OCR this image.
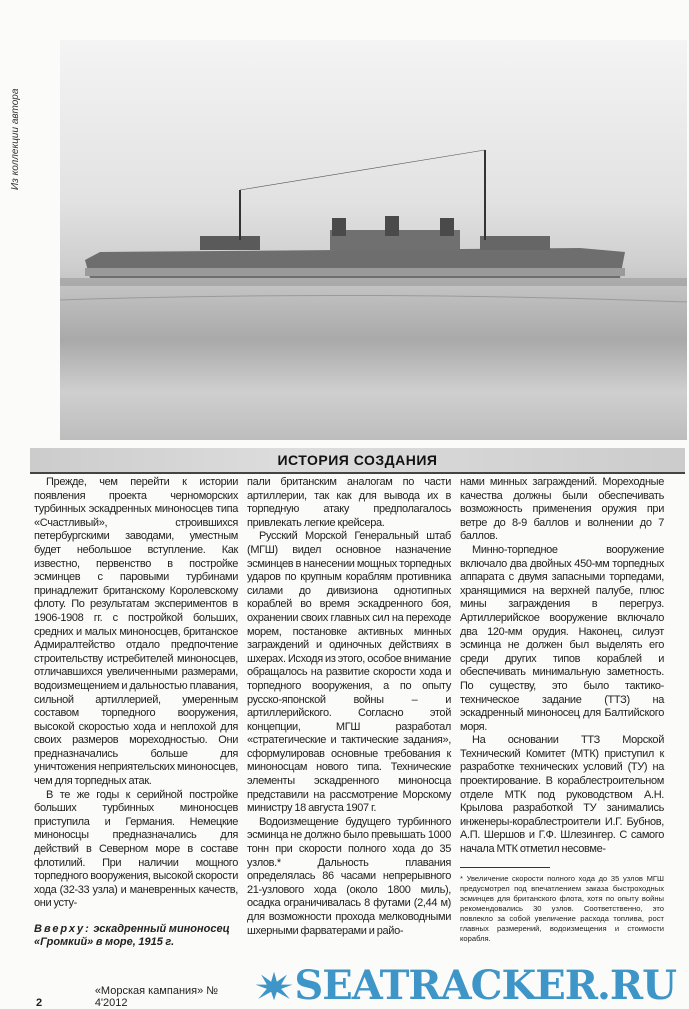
Из коллекции автора
ИСТОРИЯ СОЗДАНИЯ

Прежде, чем перейти к истории появления проекта черноморских турбинных эскадренных миноносцев типа «Счастливый», строившихся петербургскими заводами, уместным будет небольшое вступление. Как известно, первенство в постройке эсминцев с паровыми турбинами принадлежит британскому Королевскому флоту. По результатам экспериментов в 1906-1908 гг. с постройкой больших, средних и малых миноносцев, британское Адмиралтейство отдало предпочтение строительству истребителей миноносцев, отличавшихся увеличенными размерами, водоизмещением и дальностью плавания, сильной артиллерией, умеренным составом торпедного вооружения, высокой скоростью хода и неплохой для своих размеров мореходностью. Они предназначались больше для уничтожения неприятельских миноносцев, чем для торпедных атак.

В те же годы к серийной постройке больших турбинных миноносцев приступила и Германия. Немецкие миноносцы предназначались для действий в Северном море в составе флотилий. При наличии мощного торпедного вооружения, высокой скорости хода (32-33 узла) и маневренных качеств, они усту-

Вверху: эскадренный миноносец «Громкий» в море, 1915 г.

пали британским аналогам по части артиллерии, так как для вывода их в торпедную атаку предполагалось привлекать легкие крейсера.

Русский Морской Генеральный штаб (МГШ) видел основное назначение эсминцев в нанесении мощных торпедных ударов по крупным кораблям противника силами до дивизиона однотипных кораблей во время эскадренного боя, охранении своих главных сил на переходе морем, постановке активных минных заграждений и одиночных действиях в шхерах. Исходя из этого, особое внимание обращалось на развитие скорости хода и торпедного вооружения, а по опыту русско-японской войны – и артиллерийского. Согласно этой концепции, МГШ разработал «стратегические и тактические задания», сформулировав основные требования к миноносцам нового типа. Технические элементы эскадренного миноносца представили на рассмотрение Морскому министру 18 августа 1907 г.

Водоизмещение будущего турбинного эсминца не должно было превышать 1000 тонн при скорости полного хода до 35 узлов.* Дальность плавания определялась 86 часами непрерывного 21-узлового хода (около 1800 миль), осадка ограничивалась 8 футами (2,44 м) для возможности прохода мелководными шхерными фарватерами и райо-

нами минных заграждений. Мореходные качества должны были обеспечивать возможность применения оружия при ветре до 8-9 баллов и волнении до 7 баллов.

Минно-торпедное вооружение включало два двойных 450-мм торпедных аппарата с двумя запасными торпедами, хранящимися на верхней палубе, плюс мины заграждения в перегруз. Артиллерийское вооружение включало два 120-мм орудия. Наконец, силуэт эсминца не должен был выделять его среди других типов кораблей и обеспечивать минимальную заметность. По существу, это было тактико-техническое задание (ТТЗ) на эскадренный миноносец для Балтийского моря.

На основании ТТЗ Морской Технический Комитет (МТК) приступил к разработке технических условий (ТУ) на проектирование. В кораблестроительном отделе МТК под руководством А.Н. Крылова разработкой ТУ занимались инженеры-кораблестроители И.Г. Бубнов, А.П. Шершов и Г.Ф. Шлезингер. С самого начала МТК отметил несовме-

* Увеличение скорости полного хода до 35 узлов МГШ предусмотрел под впечатлением заказа быстроходных эсминцев для британского флота, хотя по опыту войны рекомендовались 30 узлов. Соответственно, это повлекло за собой увеличение расхода топлива, рост главных размерений, водоизмещения и стоимости корабля.
2
«Морская кампания» № 4'2012	SEATRACKER.RU
